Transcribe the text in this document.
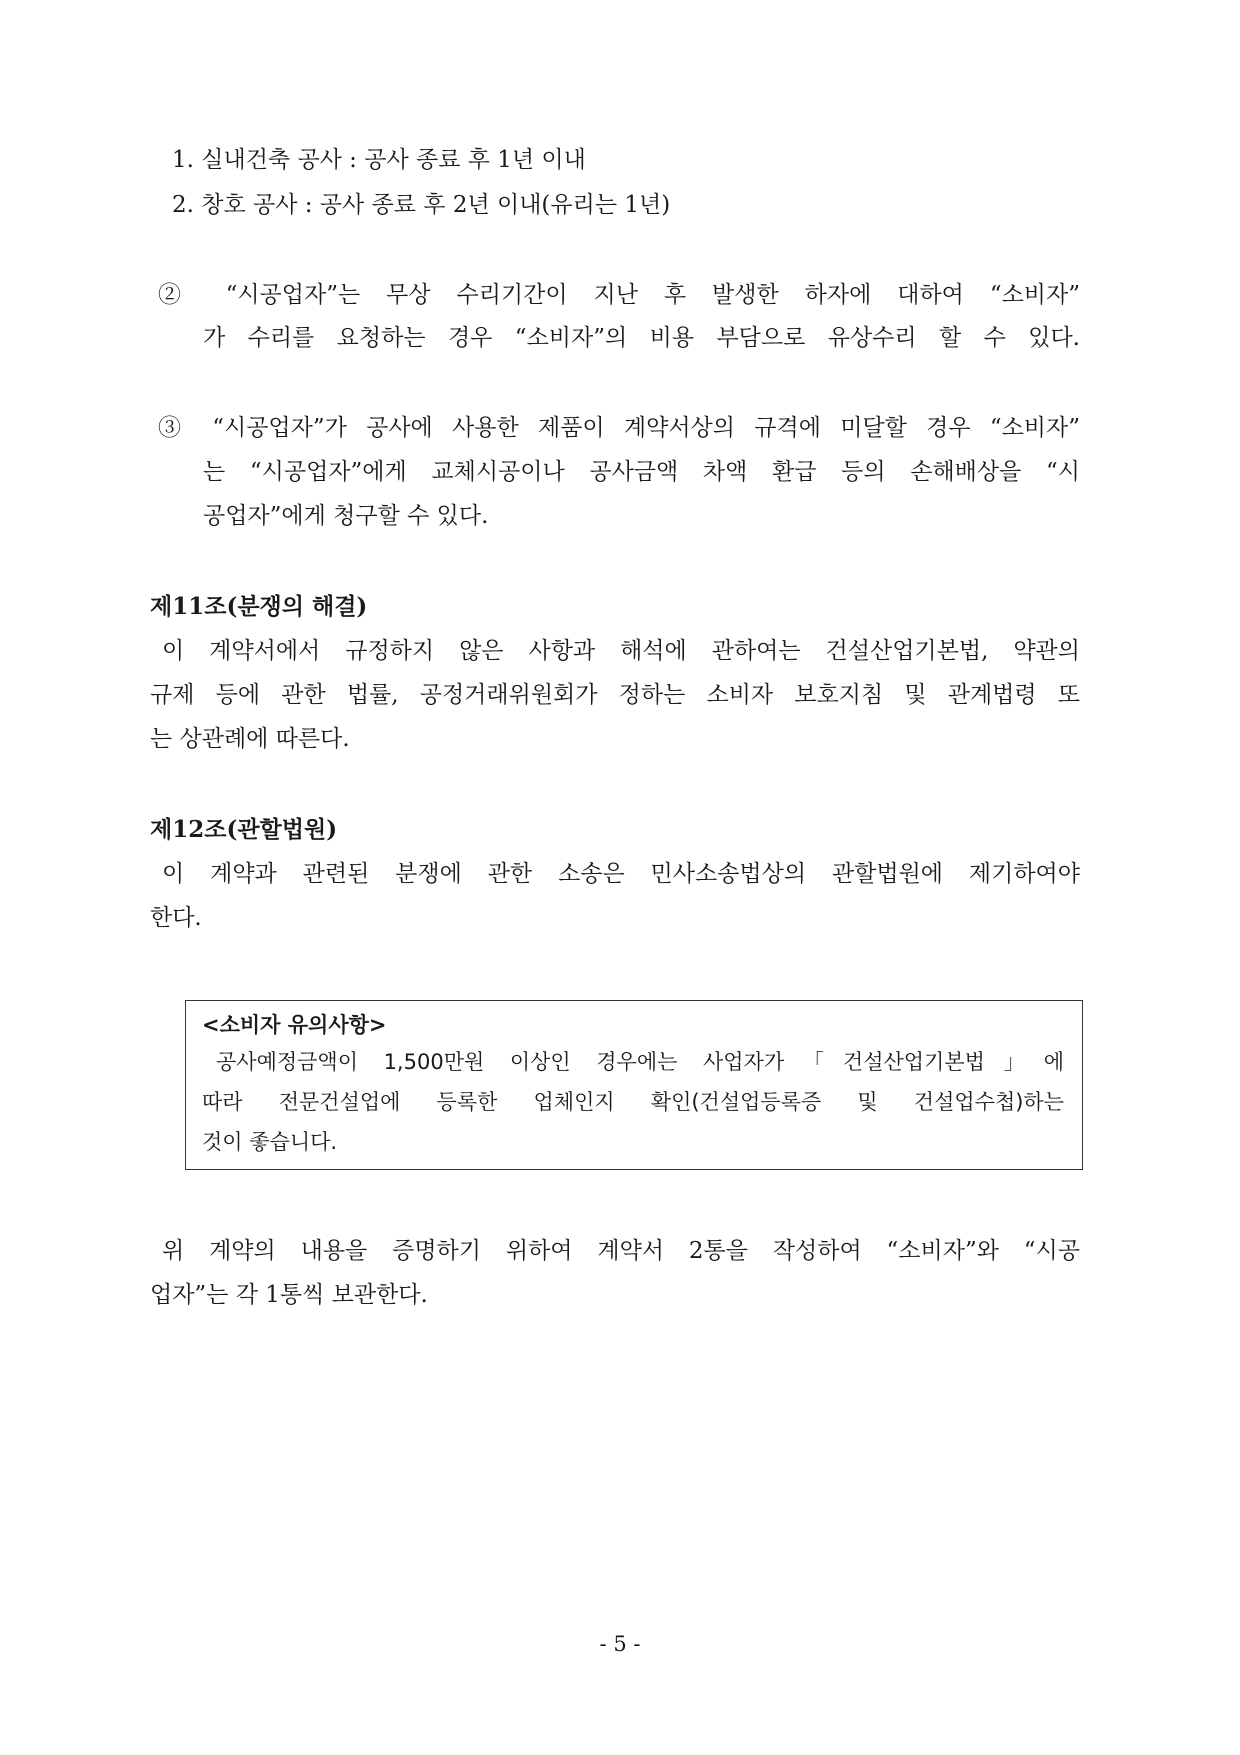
1. 실내건축 공사 : 공사 종료 후 1년 이내
2. 창호 공사 : 공사 종료 후 2년 이내(유리는 1년)
② “시공업자”는 무상 수리기간이 지난 후 발생한 하자에 대하여 “소비자”
가 수리를 요청하는 경우 “소비자”의 비용 부담으로 유상수리 할 수 있다.
③ “시공업자”가 공사에 사용한 제품이 계약서상의 규격에 미달할 경우 “소비자”
는 “시공업자”에게 교체시공이나 공사금액 차액 환급 등의 손해배상을 “시
공업자”에게 청구할 수 있다.
제11조(분쟁의 해결)
이 계약서에서 규정하지 않은 사항과 해석에 관하여는 건설산업기본법, 약관의
규제 등에 관한 법률, 공정거래위원회가 정하는 소비자 보호지침 및 관계법령 또
는 상관례에 따른다.
제12조(관할법원)
이 계약과 관련된 분쟁에 관한 소송은 민사소송법상의 관할법원에 제기하여야
한다.
<소비자 유의사항>
공사예정금액이 1,500만원 이상인 경우에는 사업자가「건설산업기본법」에
따라 전문건설업에 등록한 업체인지 확인(건설업등록증 및 건설업수첩)하는
것이 좋습니다.
위 계약의 내용을 증명하기 위하여 계약서 2통을 작성하여 “소비자”와 “시공
업자”는 각 1통씩 보관한다.
- 5 -
